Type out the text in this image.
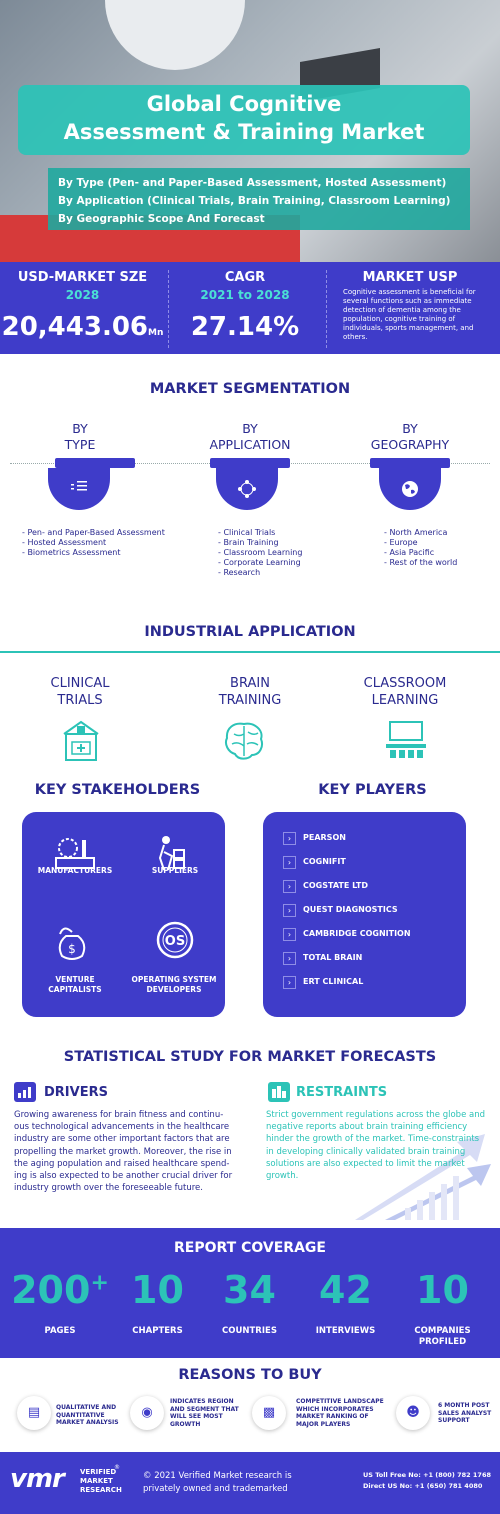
Global Cognitive
Assessment & Training Market
By Type (Pen- and Paper-Based Assessment, Hosted Assessment)
By Application (Clinical Trials, Brain Training, Classroom Learning)
By Geographic Scope And Forecast
USD-MARKET SZE
2028
20,443.06Mn
CAGR
2021 to 2028
27.14%
MARKET USP
Cognitive assessment is beneficial for several functions such as immediate detection of dementia among the population, cognitive training of individuals, sports management, and others.
MARKET SEGMENTATION
BY
TYPE
BY
APPLICATION
BY
GEOGRAPHY
- Pen- and Paper-Based Assessment
- Hosted Assessment
- Biometrics Assessment
- Clinical Trials
- Brain Training
- Classroom Learning
- Corporate Learning
- Research
- North America
- Europe
- Asia Pacific
- Rest of the world
INDUSTRIAL APPLICATION
CLINICAL
TRIALS
BRAIN
TRAINING
CLASSROOM
LEARNING
KEY STAKEHOLDERS
MANUFACTURERS	SUPPLIERS
$
VENTURE
CAPITALISTS
OS
OPERATING SYSTEM
DEVELOPERS
KEY PLAYERS
›	PEARSON
›	COGNIFIT
›	COGSTATE LTD
›	QUEST DIAGNOSTICS
›	CAMBRIDGE COGNITION
›	TOTAL BRAIN
›	ERT CLINICAL
STATISTICAL STUDY FOR MARKET FORECASTS
DRIVERS
Growing awareness for brain fitness and continu-
ous technological advancements in the healthcare
industry are some other important factors that are
propelling the market growth. Moreover, the rise in
the aging population and raised healthcare spend-
ing is also expected to be another crucial driver for
industry growth over the foreseeable future.
RESTRAINTS
Strict government regulations across the globe and
negative reports about brain training efficiency
hinder the growth of the market. Time-constraints
in developing clinically validated brain training
solutions are also expected to limit the market
growth.
REPORT COVERAGE
200+
PAGES
10
CHAPTERS
34
COUNTRIES
42
INTERVIEWS
10
COMPANIES
PROFILED
REASONS TO BUY
▤	QUALITATIVE AND
QUANTITATIVE
MARKET ANALYSIS
◉
INDICATES REGION
AND SEGMENT THAT
WILL SEE MOST
GROWTH
▩
COMPETITIVE LANDSCAPE
WHICH INCORPORATES
MARKET RANKING OF
MAJOR PLAYERS
☻	6 MONTH POST
SALES ANALYST
SUPPORT
vmr VERIFIED
MARKET
RESEARCH
®
© 2021 Verified Market research is
privately owned and trademarked
US Toll Free No: +1 (800) 782 1768
Direct US No: +1 (650) 781 4080
